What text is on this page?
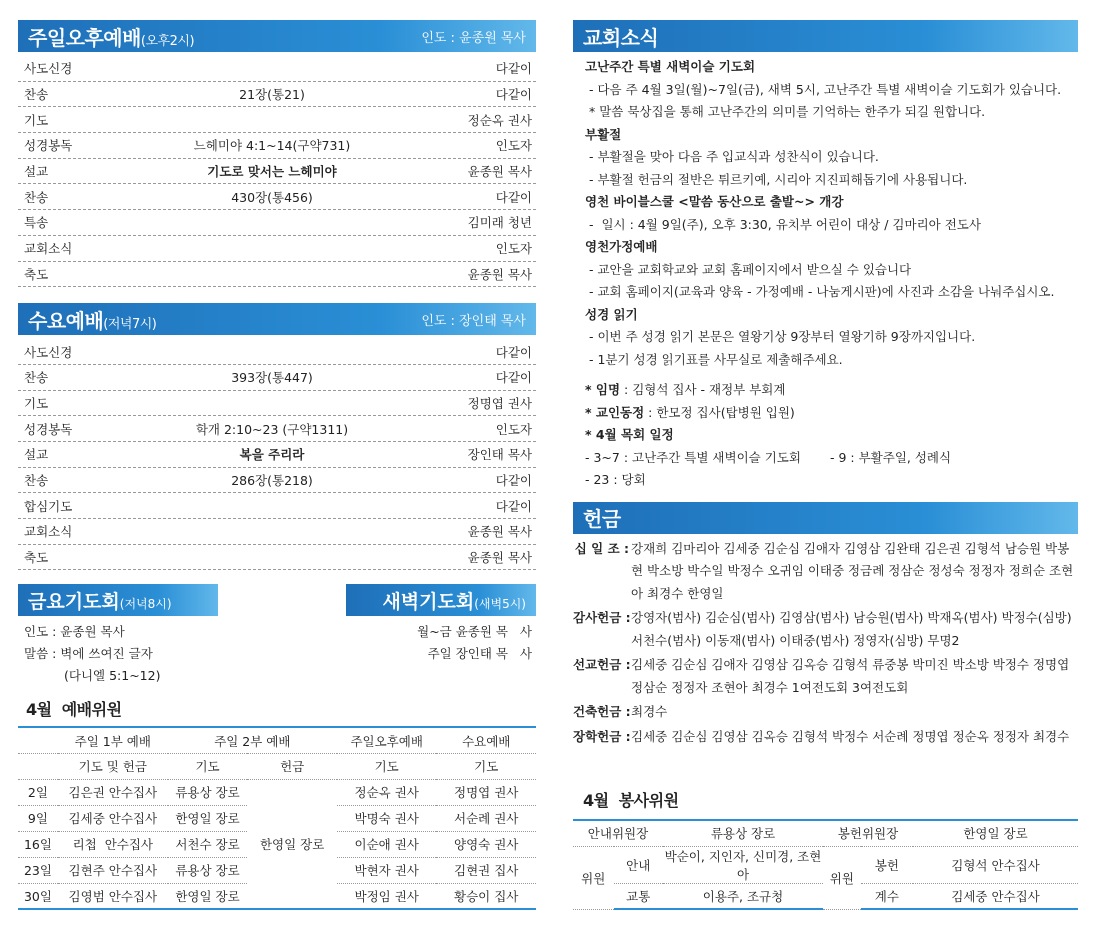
주일오후예배(오후2시)	인도 : 윤종원 목사
사도신경	다같이
찬송	21장(통21)	다같이
기도	정순옥 권사
성경봉독	느헤미야 4:1~14(구약731)	인도자
설교	기도로 맞서는 느헤미야	윤종원 목사
찬송	430장(통456)	다같이
특송	김미래 청년
교회소식	인도자
축도	윤종원 목사
수요예배(저녁7시)	인도 : 장인태 목사
사도신경	다같이
찬송	393장(통447)	다같이
기도	정명엽 권사
성경봉독	학개 2:10~23 (구약1311)	인도자
설교	복을 주리라	장인태 목사
찬송	286장(통218)	다같이
합심기도	다같이
교회소식	윤종원 목사
축도	윤종원 목사
금요기도회(저녁8시)
인도 : 윤종원 목사
말씀 : 벽에 쓰여진 글자
(다니엘 5:1~12)
새벽기도회(새벽5시)
월~금 윤종원 목   사
주일 장인태 목   사
4월  예배위원
	주일 1부 예배	주일 2부 예배		주일오후예배	수요예배
	기도 및 헌금	기도	헌금	기도	기도
2일	김은권 안수집사	류용상 장로	한영일 장로	정순옥 권사	정명엽 권사
9일	김세중 안수집사	한영일 장로		박명숙 권사	서순례 권사
16일	리첩  안수집사	서천수 장로		이순애 권사	양영숙 권사
23일	김현주 안수집사	류용상 장로		박현자 권사	김현권 집사
30일	김영범 안수집사	한영일 장로		박정임 권사	황승이 집사
교회소식

고난주간 특별 새벽이슬 기도회

- 다음 주 4월 3일(월)~7일(금), 새벽 5시, 고난주간 특별 새벽이슬 기도회가 있습니다.

* 말씀 묵상집을 통해 고난주간의 의미를 기억하는 한주가 되길 원합니다.

부활절

- 부활절을 맞아 다음 주 입교식과 성찬식이 있습니다.

- 부활절 헌금의 절반은 튀르키예, 시리아 지진피해돕기에 사용됩니다.

영천 바이블스쿨 <말씀 동산으로 출발~> 개강

-  일시 : 4월 9일(주), 오후 3:30, 유치부 어린이 대상 / 김마리아 전도사

영천가정예배

- 교안을 교회학교와 교회 홈페이지에서 받으실 수 있습니다

- 교회 홈페이지(교육과 양육 - 가정예배 - 나눔게시판)에 사진과 소감을 나눠주십시오.

성경 읽기

- 이번 주 성경 읽기 본문은 열왕기상 9장부터 열왕기하 9장까지입니다.

- 1분기 성경 읽기표를 사무실로 제출해주세요.

* 임명 : 김형석 집사 - 재정부 부회계

* 교인동정 : 한모정 집사(탑병원 입원)

* 4월 목회 일정

- 3~7 : 고난주간 특별 새벽이슬 기도회 - 9 : 부활주일, 성례식

- 23 : 당회

헌금
십 일 조 : 강재희 김마리아 김세중 김순심 김애자 김영삼 김완태 김은권 김형석 남승원 박봉현 박소방 박수일 박정수 오귀임 이태중 정금례 정삼순 정성숙 정정자 정희순 조현아 최경수 한영일
감사헌금 : 강영자(범사) 김순심(범사) 김영삼(범사) 남승원(범사) 박재옥(범사) 박정수(심방) 서천수(범사) 이동재(범사) 이태중(범사) 정영자(심방) 무명2
선교헌금 : 김세중 김순심 김애자 김영삼 김옥승 김형석 류중봉 박미진 박소방 박정수 정명엽 정삼순 정정자 조현아 최경수 1여전도회 3여전도회
건축헌금 : 최경수
장학헌금 : 김세중 김순심 김영삼 김옥승 김형석 박정수 서순례 정명엽 정순옥 정정자 최경수
4월  봉사위원
안내위원장		류용상 장로	봉헌위원장		한영일 장로
위원	안내	박순이, 지인자, 신미경, 조현아	위원	봉헌	김형석 안수집사
	교통	이용주, 조규청		계수	김세중 안수집사
